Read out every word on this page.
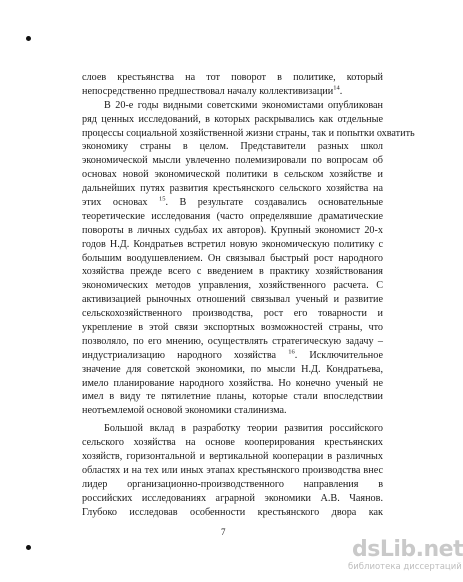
слоев крестьянства на тот поворот в политике, который
непосредственно предшествовал началу коллективизации$^{14}$.
В 20-е годы видными советскими экономистами опубликован
ряд ценных исследований, в которых раскрывались как отдельные
процессы социальной хозяйственной жизни страны, так и попытки охватить
экономику страны в целом. Представители разных школ
экономической мысли увлеченно полемизировали по вопросам об
основах новой экономической политики в сельском хозяйстве и
дальнейших путях развития крестьянского сельского хозяйства на
этих основах $^{15}$. В результате создавались основательные
теоретические исследования (часто определявшие драматические
повороты в личных судьбах их авторов). Крупный экономист 20-х
годов Н.Д. Кондратьев встретил новую экономическую политику с
большим воодушевлением. Он связывал быстрый рост народного
хозяйства прежде всего с введением в практику хозяйствования
экономических методов управления, хозяйственного расчета. С
активизацией рыночных отношений связывал ученый и развитие
сельскохозяйственного производства, рост его товарности и
укрепление в этой связи экспортных возможностей страны, что
позволяло, по его мнению, осуществлять стратегическую задачу –
индустриализацию народного хозяйства $^{16}$. Исключительное
значение для советской экономики, по мысли Н.Д. Кондратьева,
имело планирование народного хозяйства. Но конечно ученый не
имел в виду те пятилетние планы, которые стали впоследствии
неотъемлемой основой экономики сталинизма.
Большой вклад в разработку теории развития российского
сельского хозяйства на основе кооперирования крестьянских
хозяйств, горизонтальной и вертикальной кооперации в различных
областях и на тех или иных этапах крестьянского производства внес
лидер организационно-производственного направления в
российских исследованиях аграрной экономики А.В. Чаянов.
Глубоко исследовав особенности крестьянского двора как
7
dsLib.net
библиотека диссертаций
